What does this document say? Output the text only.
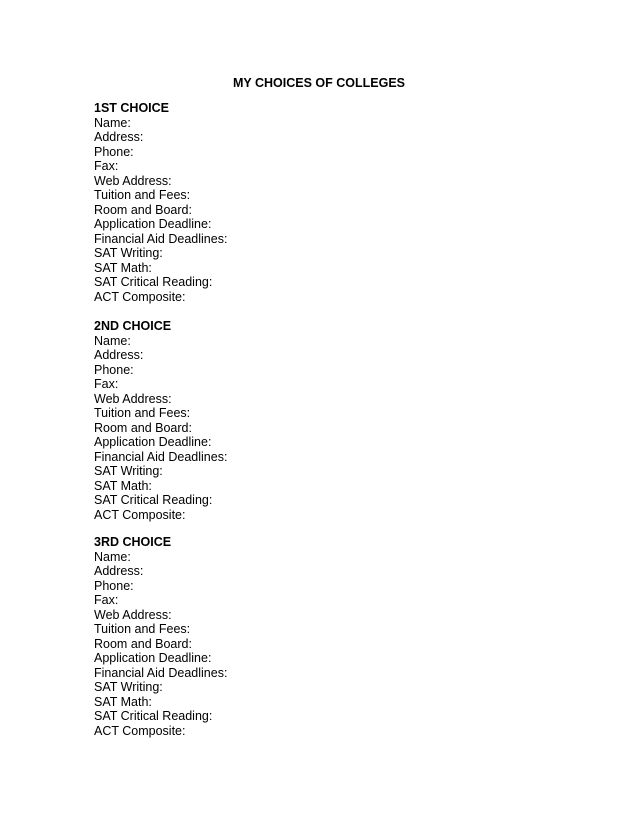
MY CHOICES OF COLLEGES
1ST CHOICE
Name:
Address:
Phone:
Fax:
Web Address:
Tuition and Fees:
Room and Board:
Application Deadline:
Financial Aid Deadlines:
SAT Writing:
SAT Math:
SAT Critical Reading:
ACT Composite:
2ND CHOICE
Name:
Address:
Phone:
Fax:
Web Address:
Tuition and Fees:
Room and Board:
Application Deadline:
Financial Aid Deadlines:
SAT Writing:
SAT Math:
SAT Critical Reading:
ACT Composite:
3RD CHOICE
Name:
Address:
Phone:
Fax:
Web Address:
Tuition and Fees:
Room and Board:
Application Deadline:
Financial Aid Deadlines:
SAT Writing:
SAT Math:
SAT Critical Reading:
ACT Composite:
